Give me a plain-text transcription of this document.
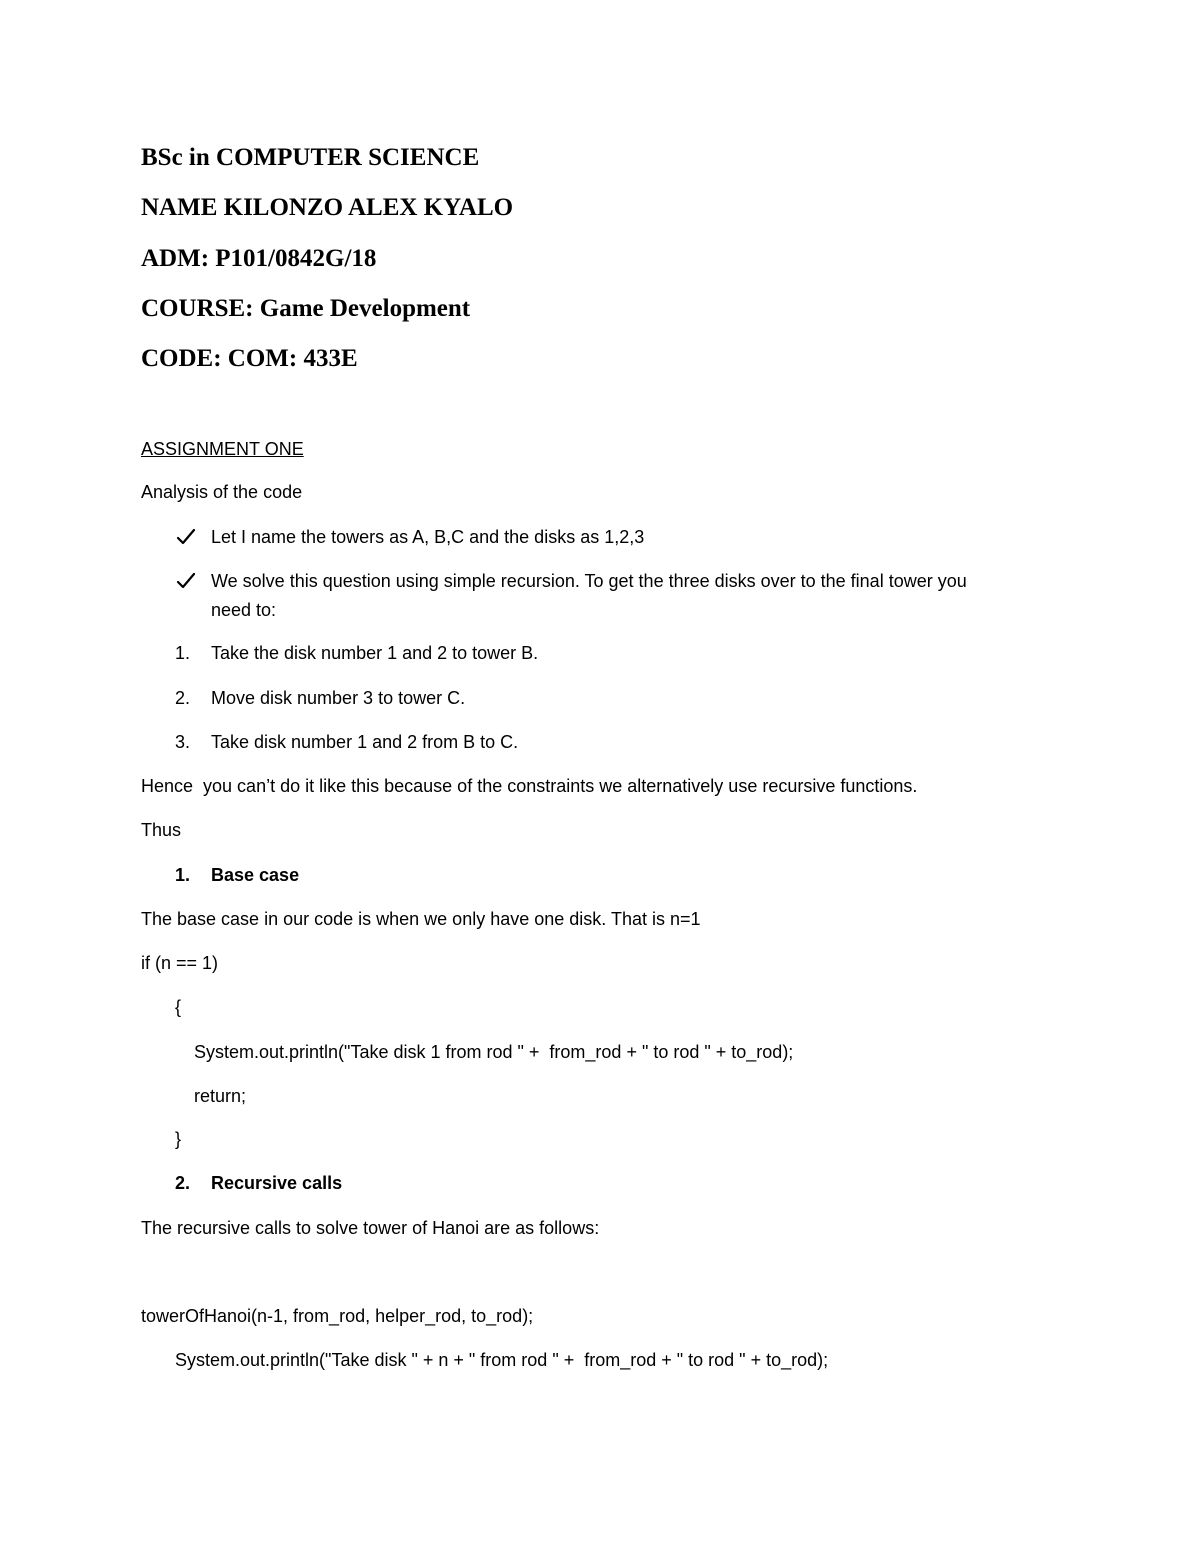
BSc in COMPUTER SCIENCE
NAME KILONZO ALEX KYALO
ADM: P101/0842G/18
COURSE: Game Development
CODE: COM: 433E
ASSIGNMENT ONE
Analysis of the code
Let I name the towers as A, B,C and the disks as 1,2,3
We solve this question using simple recursion. To get the three disks over to the final tower you
need to:
1. Take the disk number 1 and 2 to tower B.
2. Move disk number 3 to tower C.
3. Take disk number 1 and 2 from B to C.
Hence  you can’t do it like this because of the constraints we alternatively use recursive functions.
Thus
1. Base case
The base case in our code is when we only have one disk. That is n=1
if (n == 1)
{
System.out.println("Take disk 1 from rod " +  from_rod + " to rod " + to_rod);
return;
}
2. Recursive calls
The recursive calls to solve tower of Hanoi are as follows:
towerOfHanoi(n-1, from_rod, helper_rod, to_rod);
System.out.println("Take disk " + n + " from rod " +  from_rod + " to rod " + to_rod);
